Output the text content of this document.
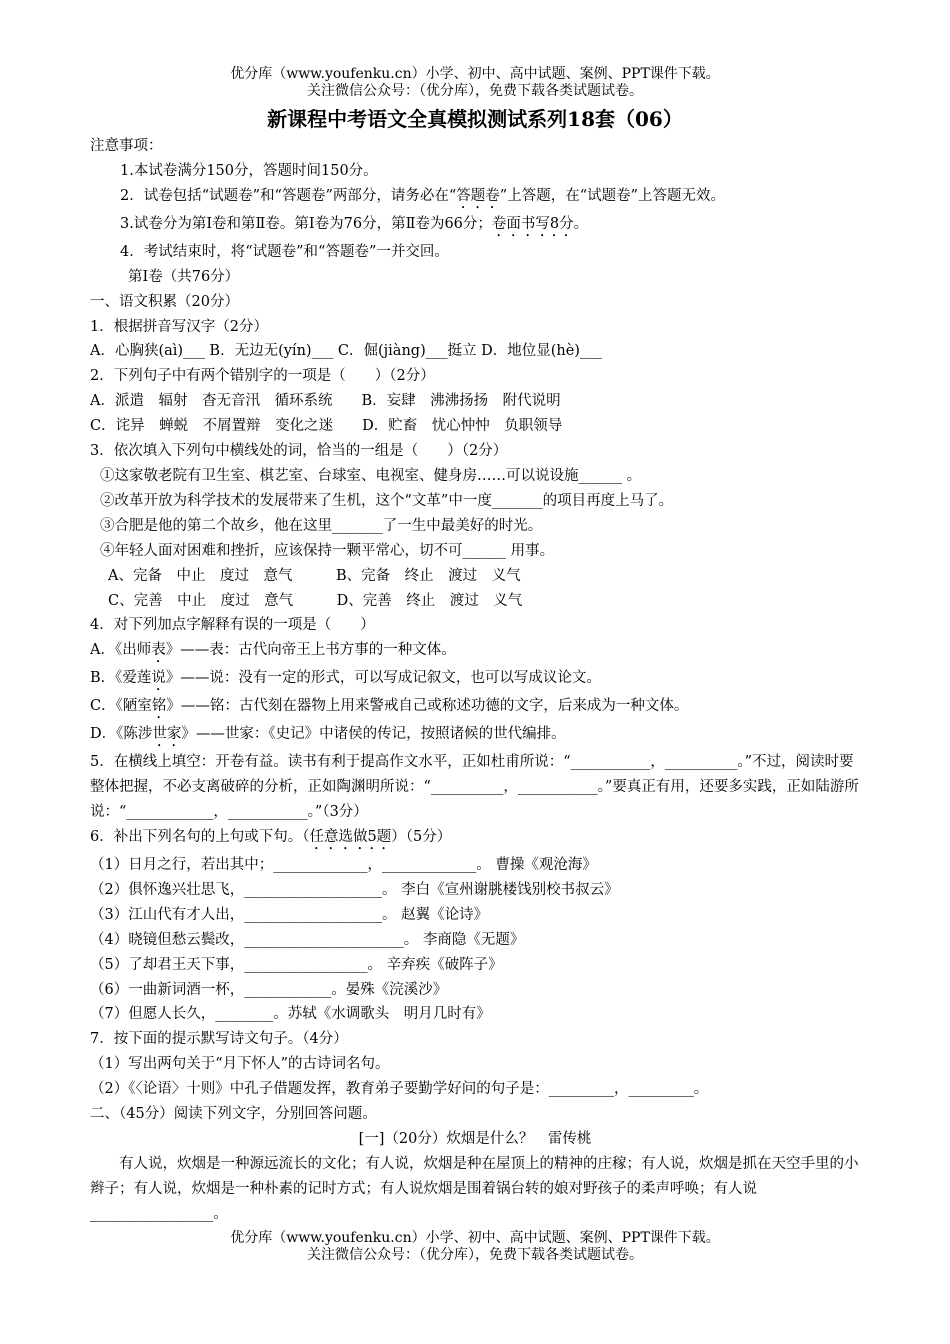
优分库（www.youfenku.cn）小学、初中、高中试题、案例、PPT课件下载。
关注微信公众号：（优分库），免费下载各类试题试卷。
新课程中考语文全真模拟测试系列18套（06）
注意事项：
1.本试卷满分150分，答题时间150分。
2．试卷包括“试题卷”和“答题卷”两部分，请务必在“答题卷”上答题，在“试题卷”上答题无效。
3.试卷分为第Ⅰ卷和第Ⅱ卷。第Ⅰ卷为76分，第Ⅱ卷为66分；卷面书写8分。
4．考试结束时，将“试题卷”和“答题卷”一并交回。
第Ⅰ卷（共76分）
一、语文积累（20分）
1．根据拼音写汉字（2分）
A．心胸狭(aì)___ B．无边无(yín)___ C．倔(jiàng)___挺立 D．地位显(hè)___
2．下列句子中有两个错别字的一项是（　　）（2分）
A．派遣　辐射　杳无音汛　循环系统　　B．妄肆　沸沸扬扬　附代说明
C．诧异　蝉蜕　不屑置辩　变化之迷　　D．贮畜　忧心忡忡　负职领导
3．依次填入下列句中横线处的词，恰当的一组是（　　）（2分）
①这家敬老院有卫生室、棋艺室、台球室、电视室、健身房……可以说设施______ 。
②改革开放为科学技术的发展带来了生机，这个“文革”中一度_______的项目再度上马了。
③合肥是他的第二个故乡，他在这里_______了一生中最美好的时光。
④年轻人面对困难和挫折，应该保持一颗平常心，切不可______ 用事。
A、完备　中止　度过　意气　　　B、完备　终止　渡过　义气
C、完善　中止　度过　意气　　　D、完善　终止　渡过　义气
4．对下列加点字解释有误的一项是（　　）
A．《出师表》——表：古代向帝王上书方事的一种文体。
B．《爱莲说》——说：没有一定的形式，可以写成记叙文，也可以写成议论文。
C．《陋室铭》——铭：古代刻在器物上用来警戒自己或称述功德的文字，后来成为一种文体。
D．《陈涉世家》——世家：《史记》中诸侯的传记，按照诸候的世代编排。
5．在横线上填空：开卷有益。读书有利于提高作文水平，正如杜甫所说：“___________，__________。”不过，阅读时要整体把握，不必支离破碎的分析，正如陶渊明所说：“__________，___________。”要真正有用，还要多实践，正如陆游所说：“____________，___________。”（3分）
6．补出下列名句的上句或下句。（任意选做5题）（5分）
（1）日月之行，若出其中；_____________，_____________。 曹操《观沧海》
（2）俱怀逸兴壮思飞，___________________。 李白《宣州谢朓楼饯别校书叔云》
（3）江山代有才人出，___________________。 赵翼《论诗》
（4）晓镜但愁云鬓改，______________________。 李商隐《无题》
（5）了却君王天下事，_________________。 辛弃疾《破阵子》
（6）一曲新词酒一杯，____________。晏殊《浣溪沙》
（7）但愿人长久，________。苏轼《水调歌头　明月几时有》
7．按下面的提示默写诗文句子。（4分）
（1）写出两句关于“月下怀人”的古诗词名句。
（2）《〈论语〉十则》中孔子借题发挥，教育弟子要勤学好问的句子是：_________，_________。
二、（45分）阅读下列文字，分别回答问题。
[一]（20分）炊烟是什么？　雷传桃
有人说，炊烟是一种源远流长的文化；有人说，炊烟是种在屋顶上的精神的庄稼；有人说，炊烟是抓在天空手里的小辫子；有人说，炊烟是一种朴素的记时方式；有人说炊烟是围着锅台转的娘对野孩子的柔声呼唤；有人说_________________。
优分库（www.youfenku.cn）小学、初中、高中试题、案例、PPT课件下载。
关注微信公众号：（优分库），免费下载各类试题试卷。
